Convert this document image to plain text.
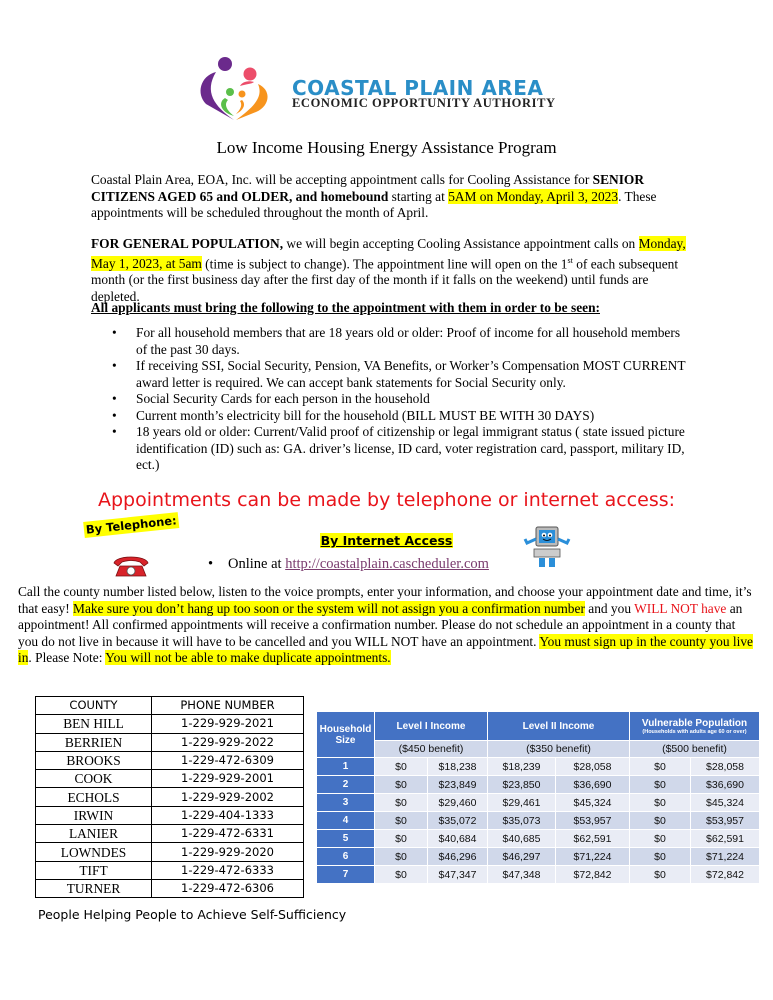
COASTAL PLAIN AREA
ECONOMIC OPPORTUNITY AUTHORITY
Low Income Housing Energy Assistance Program
Coastal Plain Area, EOA, Inc. will be accepting appointment calls for Cooling Assistance for SENIOR CITIZENS AGED 65 and OLDER, and homebound starting at 5AM on Monday, April 3, 2023. These appointments will be scheduled throughout the month of April.
FOR GENERAL POPULATION, we will begin accepting Cooling Assistance appointment calls on Monday, May 1, 2023, at 5am (time is subject to change). The appointment line will open on the 1st of each subsequent month (or the first business day after the first day of the month if it falls on the weekend) until funds are depleted.
All applicants must bring the following to the appointment with them in order to be seen:
• For all household members that are 18 years old or older: Proof of income for all household members of the past 30 days.
• If receiving SSI, Social Security, Pension, VA Benefits, or Worker’s Compensation MOST CURRENT award letter is required. We can accept bank statements for Social Security only.
• Social Security Cards for each person in the household
• Current month’s electricity bill for the household (BILL MUST BE WITH 30 DAYS)
• 18 years old or older: Current/Valid proof of citizenship or legal immigrant status ( state issued picture identification (ID) such as: GA. driver’s license, ID card, voter registration card, passport, military ID, ect.)
Appointments can be made by telephone or internet access:
By Telephone:
By Internet Access
• Online at http://coastalplain.cascheduler.com
Call the county number listed below, listen to the voice prompts, enter your information, and choose your appointment date and time, it’s that easy! Make sure you don’t hang up too soon or the system will not assign you a confirmation number and you WILL NOT have an appointment! All confirmed appointments will receive a confirmation number. Please do not schedule an appointment in a county that you do not live in because it will have to be cancelled and you WILL NOT have an appointment. You must sign up in the county you live in. Please Note: You will not be able to make duplicate appointments.
COUNTY	PHONE NUMBER
BEN HILL	1-229-929-2021
BERRIEN	1-229-929-2022
BROOKS	1-229-472-6309
COOK	1-229-929-2001
ECHOLS	1-229-929-2002
IRWIN	1-229-404-1333
LANIER	1-229-472-6331
LOWNDES	1-229-929-2020
TIFT	1-229-472-6333
TURNER	1-229-472-6306
Household Size	Level I Income		Level II Income		Vulnerable Population
(Households with adults age 60 or over)	

	($450 benefit)		($350 benefit)		($500 benefit)	
1	$0	$18,238	$18,239	$28,058	$0	$28,058
2	$0	$23,849	$23,850	$36,690	$0	$36,690
3	$0	$29,460	$29,461	$45,324	$0	$45,324
4	$0	$35,072	$35,073	$53,957	$0	$53,957
5	$0	$40,684	$40,685	$62,591	$0	$62,591
6	$0	$46,296	$46,297	$71,224	$0	$71,224
7	$0	$47,347	$47,348	$72,842	$0	$72,842
People Helping People to Achieve Self-Sufficiency
